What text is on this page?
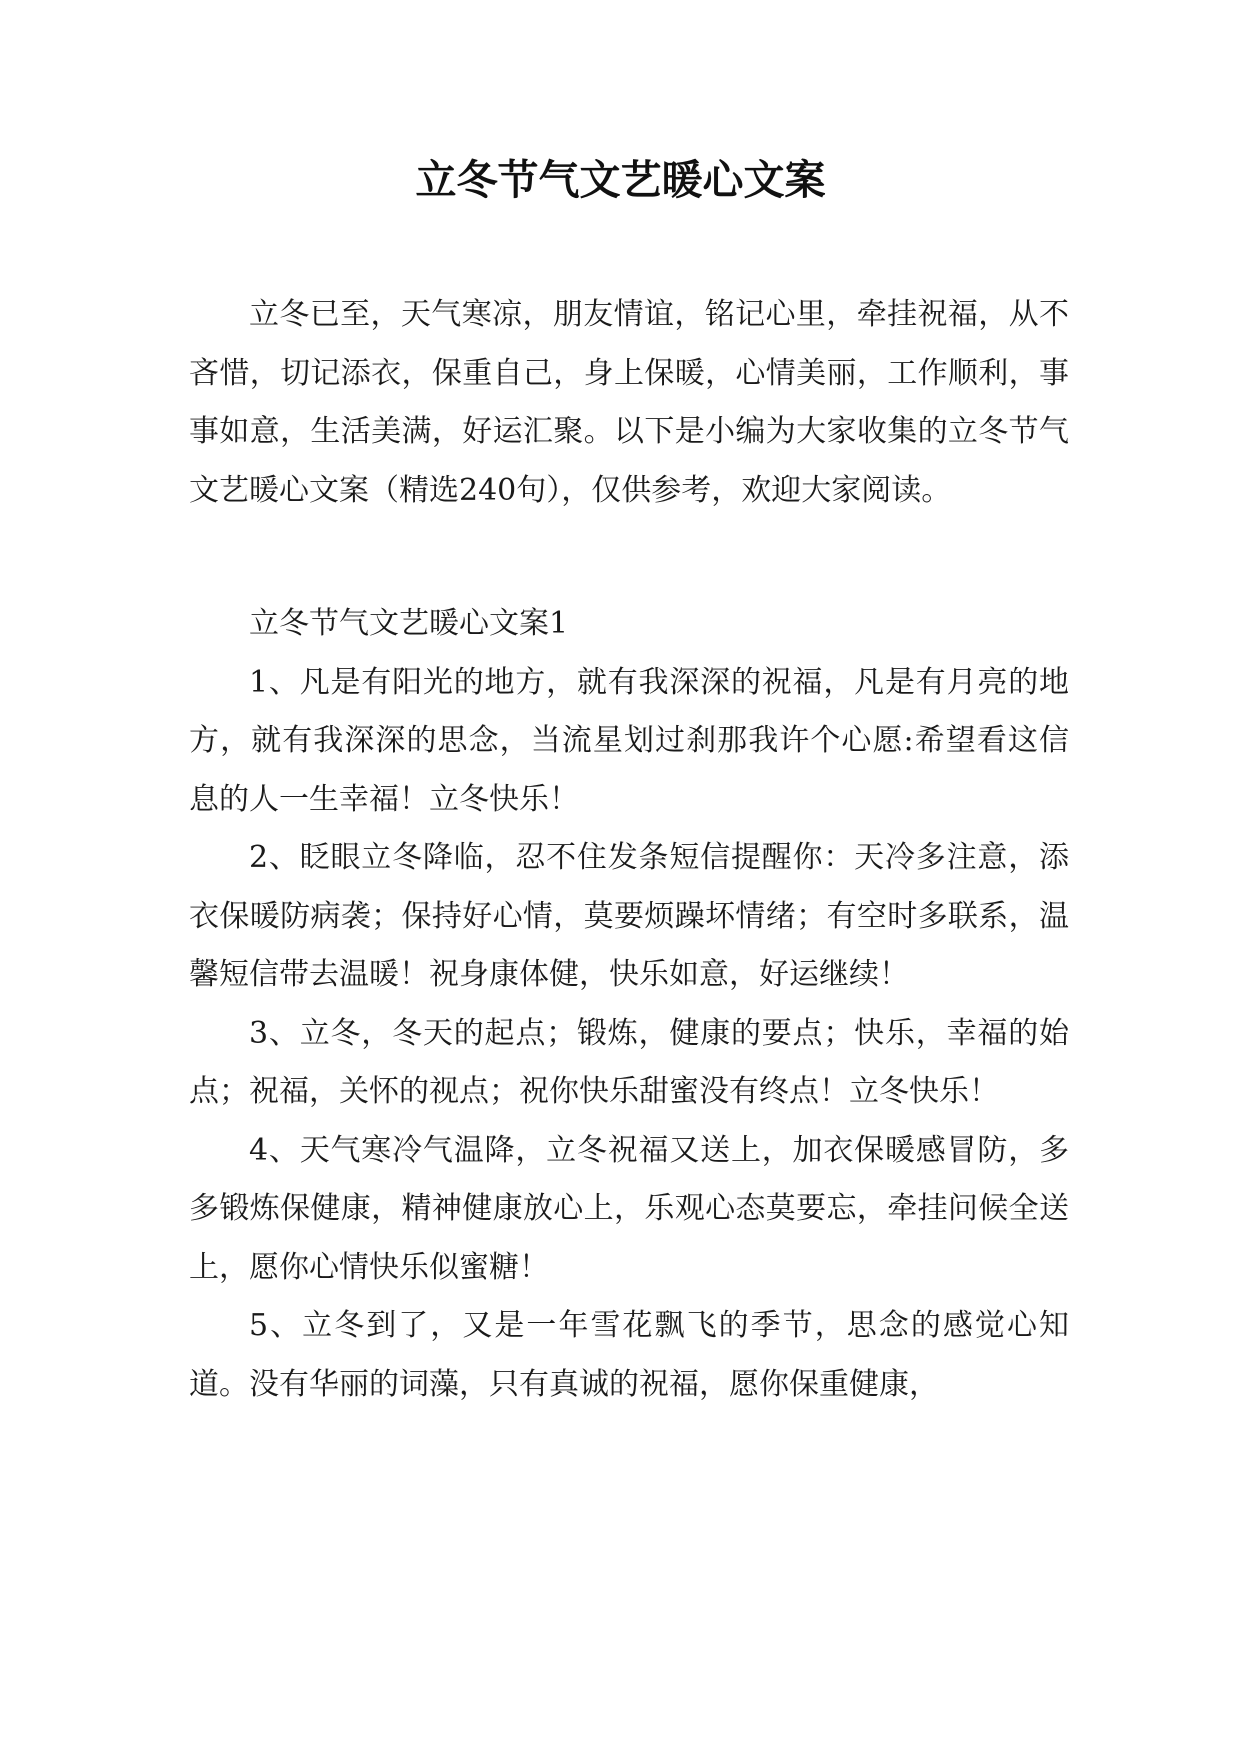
立冬节气文艺暖心文案

立冬已至，天气寒凉，朋友情谊，铭记心里，牵挂祝福，从不吝惜，切记添衣，保重自己，身上保暖，心情美丽，工作顺利，事事如意，生活美满，好运汇聚。以下是小编为大家收集的立冬节气文艺暖心文案（精选240句），仅供参考，欢迎大家阅读。

立冬节气文艺暖心文案1

1、凡是有阳光的地方，就有我深深的祝福，凡是有月亮的地方，就有我深深的思念，当流星划过刹那我许个心愿:希望看这信息的人一生幸福！立冬快乐！

2、眨眼立冬降临，忍不住发条短信提醒你：天冷多注意，添衣保暖防病袭；保持好心情，莫要烦躁坏情绪；有空时多联系，温馨短信带去温暖！祝身康体健，快乐如意，好运继续！

3、立冬，冬天的起点；锻炼，健康的要点；快乐，幸福的始点；祝福，关怀的视点；祝你快乐甜蜜没有终点！立冬快乐！

4、天气寒冷气温降，立冬祝福又送上，加衣保暖感冒防，多多锻炼保健康，精神健康放心上，乐观心态莫要忘，牵挂问候全送上，愿你心情快乐似蜜糖！

5、立冬到了，又是一年雪花飘飞的季节，思念的感觉心知道。没有华丽的词藻，只有真诚的祝福，愿你保重健康，
